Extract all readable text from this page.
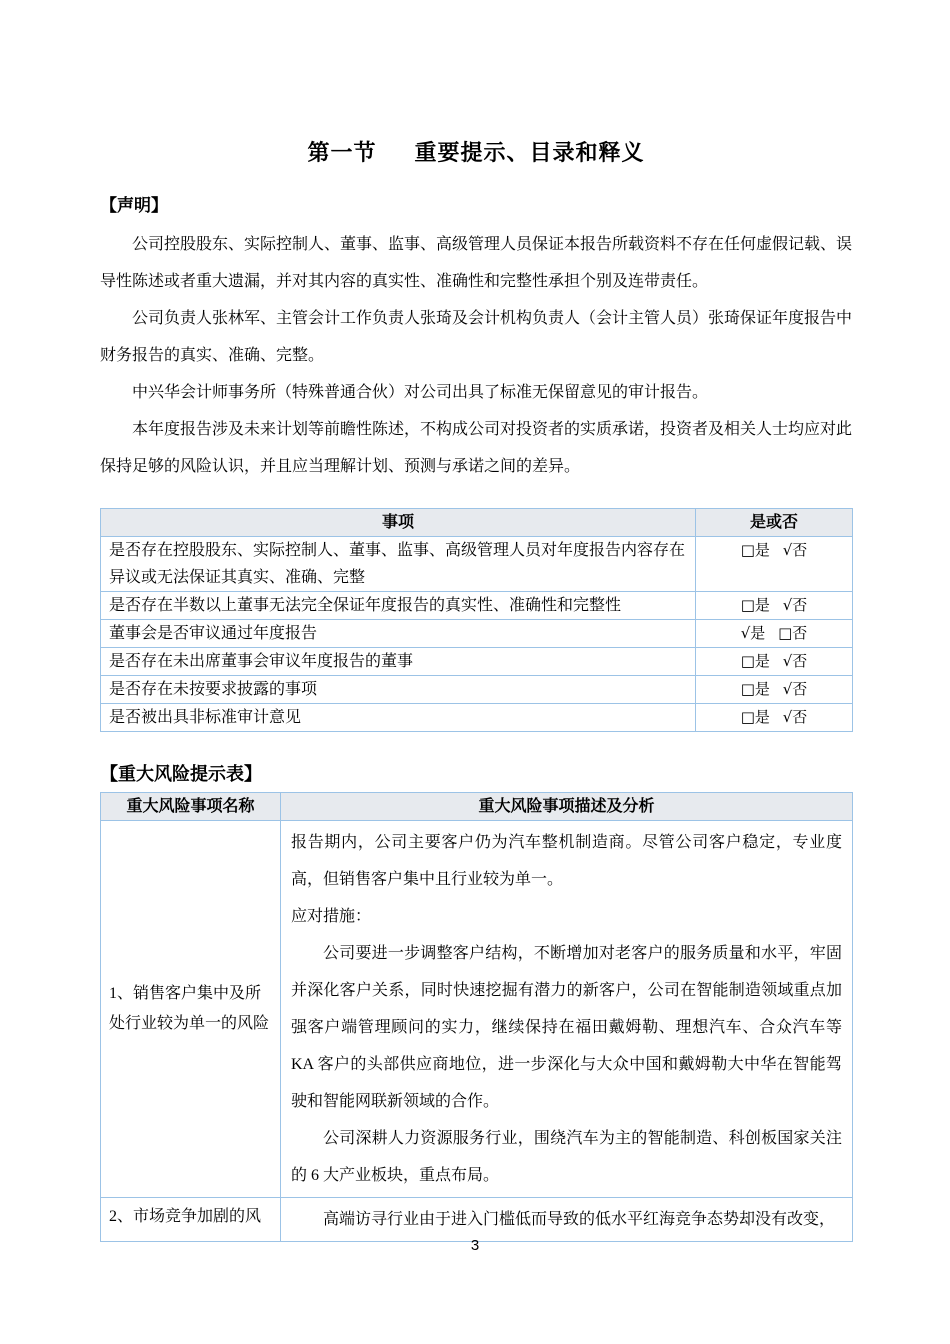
第一节 重要提示、目录和释义
【声明】

公司控股股东、实际控制人、董事、监事、高级管理人员保证本报告所载资料不存在任何虚假记载、误导性陈述或者重大遗漏，并对其内容的真实性、准确性和完整性承担个别及连带责任。

公司负责人张林军、主管会计工作负责人张琦及会计机构负责人（会计主管人员）张琦保证年度报告中财务报告的真实、准确、完整。

中兴华会计师事务所（特殊普通合伙）对公司出具了标准无保留意见的审计报告。

本年度报告涉及未来计划等前瞻性陈述，不构成公司对投资者的实质承诺，投资者及相关人士均应对此保持足够的风险认识，并且应当理解计划、预测与承诺之间的差异。

事项	是或否
是否存在控股股东、实际控制人、董事、监事、高级管理人员对年度报告内容存在异议或无法保证其真实、准确、完整	□是 √否
是否存在半数以上董事无法完全保证年度报告的真实性、准确性和完整性	□是 √否
董事会是否审议通过年度报告	√是 □否
是否存在未出席董事会审议年度报告的董事	□是 √否
是否存在未按要求披露的事项	□是 √否
是否被出具非标准审计意见	□是 √否
【重大风险提示表】
重大风险事项名称	重大风险事项描述及分析
1、销售客户集中及所处行业较为单一的风险	报告期内，公司主要客户仍为汽车整机制造商。尽管公司客户稳定，专业度高，但销售客户集中且行业较为单一。

应对措施：

公司要进一步调整客户结构，不断增加对老客户的服务质量和水平，牢固并深化客户关系，同时快速挖掘有潜力的新客户，公司在智能制造领域重点加强客户端管理顾问的实力，继续保持在福田戴姆勒、理想汽车、合众汽车等 KA 客户的头部供应商地位，进一步深化与大众中国和戴姆勒大中华在智能驾驶和智能网联新领域的合作。

公司深耕人力资源服务行业，围绕汽车为主的智能制造、科创板国家关注的 6 大产业板块，重点布局。

2、市场竞争加剧的风	高端访寻行业由于进入门槛低而导致的低水平红海竞争态势却没有改变，

3
